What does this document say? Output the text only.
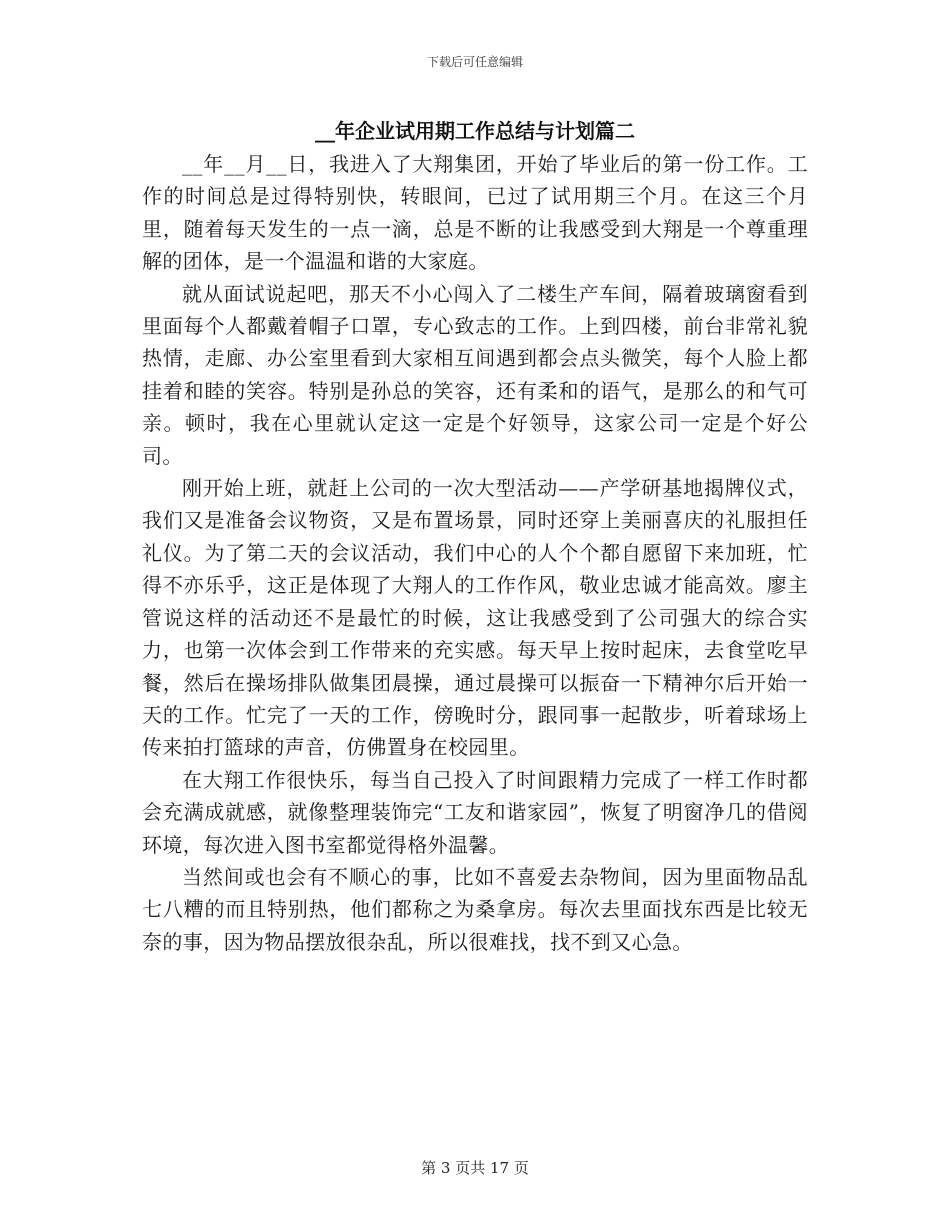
下载后可任意编辑
__年企业试用期工作总结与计划篇二

__年__月__日，我进入了大翔集团，开始了毕业后的第一份工作。工作的时间总是过得特别快，转眼间，已过了试用期三个月。在这三个月里，随着每天发生的一点一滴，总是不断的让我感受到大翔是一个尊重理解的团体，是一个温温和谐的大家庭。

就从面试说起吧，那天不小心闯入了二楼生产车间，隔着玻璃窗看到里面每个人都戴着帽子口罩，专心致志的工作。上到四楼，前台非常礼貌热情，走廊、办公室里看到大家相互间遇到都会点头微笑，每个人脸上都挂着和睦的笑容。特别是孙总的笑容，还有柔和的语气，是那么的和气可亲。顿时，我在心里就认定这一定是个好领导，这家公司一定是个好公司。

刚开始上班，就赶上公司的一次大型活动——产学研基地揭牌仪式，我们又是准备会议物资，又是布置场景，同时还穿上美丽喜庆的礼服担任礼仪。为了第二天的会议活动，我们中心的人个个都自愿留下来加班，忙得不亦乐乎，这正是体现了大翔人的工作作风，敬业忠诚才能高效。廖主管说这样的活动还不是最忙的时候，这让我感受到了公司强大的综合实力，也第一次体会到工作带来的充实感。每天早上按时起床，去食堂吃早餐，然后在操场排队做集团晨操，通过晨操可以振奋一下精神尔后开始一天的工作。忙完了一天的工作，傍晚时分，跟同事一起散步，听着球场上传来拍打篮球的声音，仿佛置身在校园里。

在大翔工作很快乐，每当自己投入了时间跟精力完成了一样工作时都会充满成就感，就像整理装饰完“工友和谐家园”，恢复了明窗净几的借阅环境，每次进入图书室都觉得格外温馨。

当然间或也会有不顺心的事，比如不喜爱去杂物间，因为里面物品乱七八糟的而且特别热，他们都称之为桑拿房。每次去里面找东西是比较无奈的事，因为物品摆放很杂乱，所以很难找，找不到又心急。

第 3 页共 17 页
